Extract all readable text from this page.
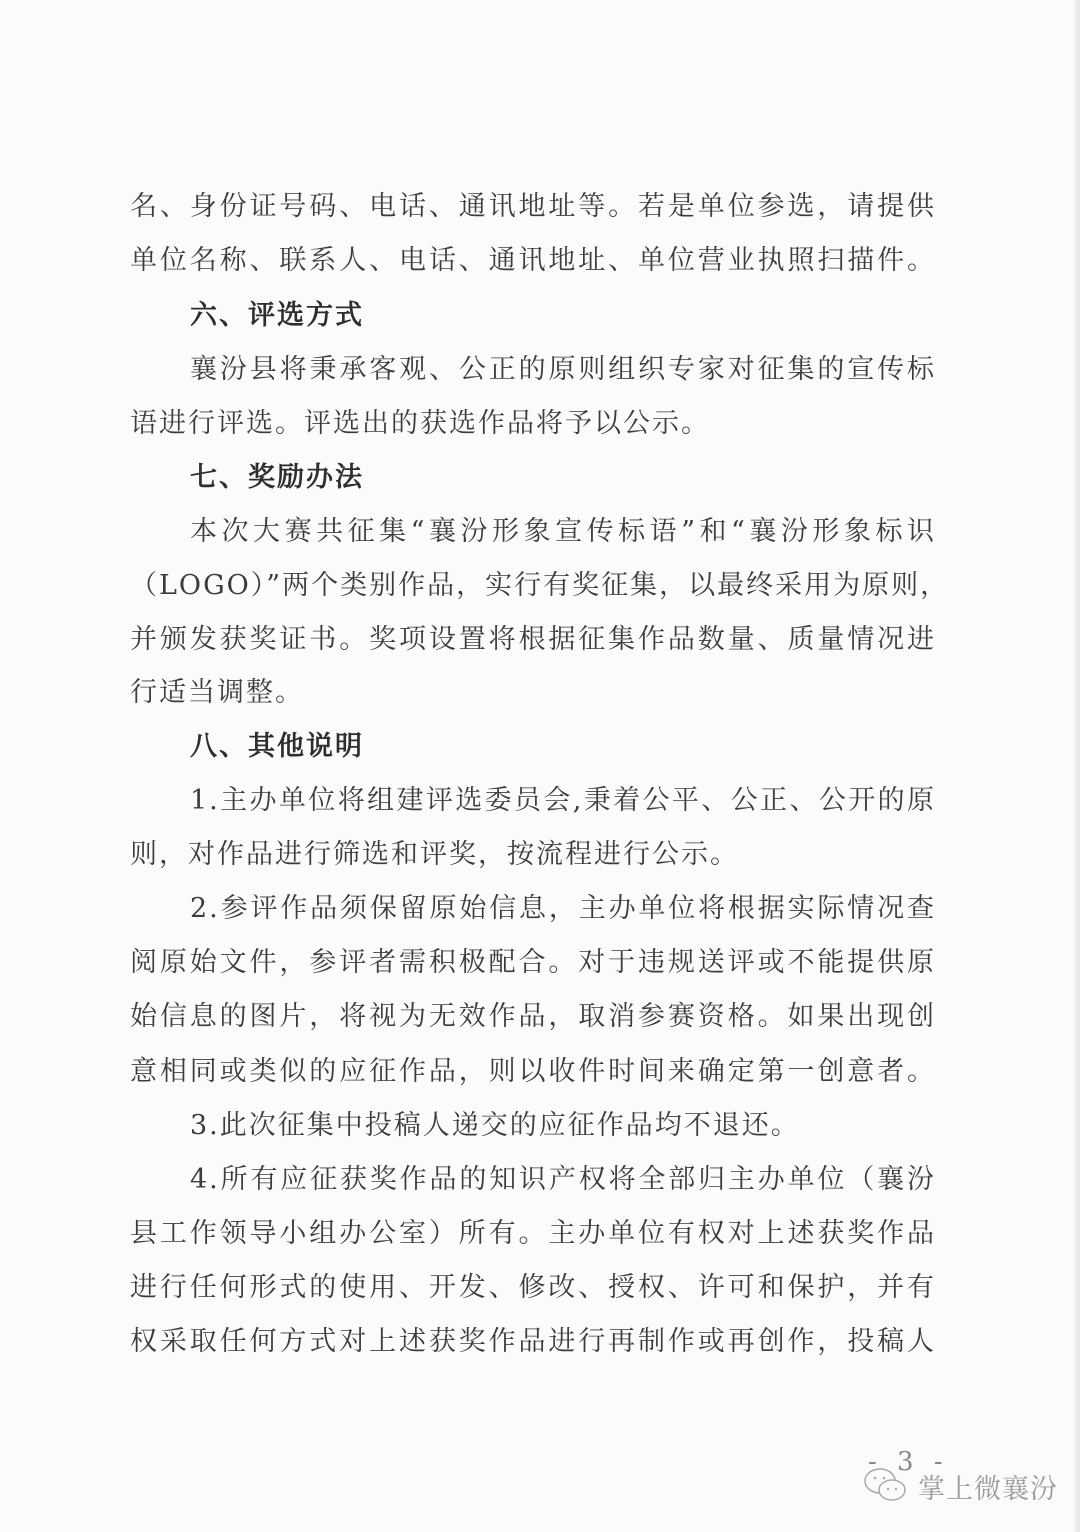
名、身份证号码、电话、通讯地址等。若是单位参选，请提供
单位名称、联系人、电话、通讯地址、单位营业执照扫描件。
六、评选方式
襄汾县将秉承客观、公正的原则组织专家对征集的宣传标
语进行评选。评选出的获选作品将予以公示。
七、奖励办法
本次大赛共征集“襄汾形象宣传标语”和“襄汾形象标识
（LOGO）”两个类别作品，实行有奖征集，以最终采用为原则，
并颁发获奖证书。奖项设置将根据征集作品数量、质量情况进
行适当调整。
八、其他说明
1.主办单位将组建评选委员会,秉着公平、公正、公开的原
则，对作品进行筛选和评奖，按流程进行公示。
2.参评作品须保留原始信息，主办单位将根据实际情况查
阅原始文件，参评者需积极配合。对于违规送评或不能提供原
始信息的图片，将视为无效作品，取消参赛资格。如果出现创
意相同或类似的应征作品，则以收件时间来确定第一创意者。
3.此次征集中投稿人递交的应征作品均不退还。
4.所有应征获奖作品的知识产权将全部归主办单位（襄汾
县工作领导小组办公室）所有。主办单位有权对上述获奖作品
进行任何形式的使用、开发、修改、授权、许可和保护，并有
权采取任何方式对上述获奖作品进行再制作或再创作，投稿人
- 3 -
掌上微襄汾
